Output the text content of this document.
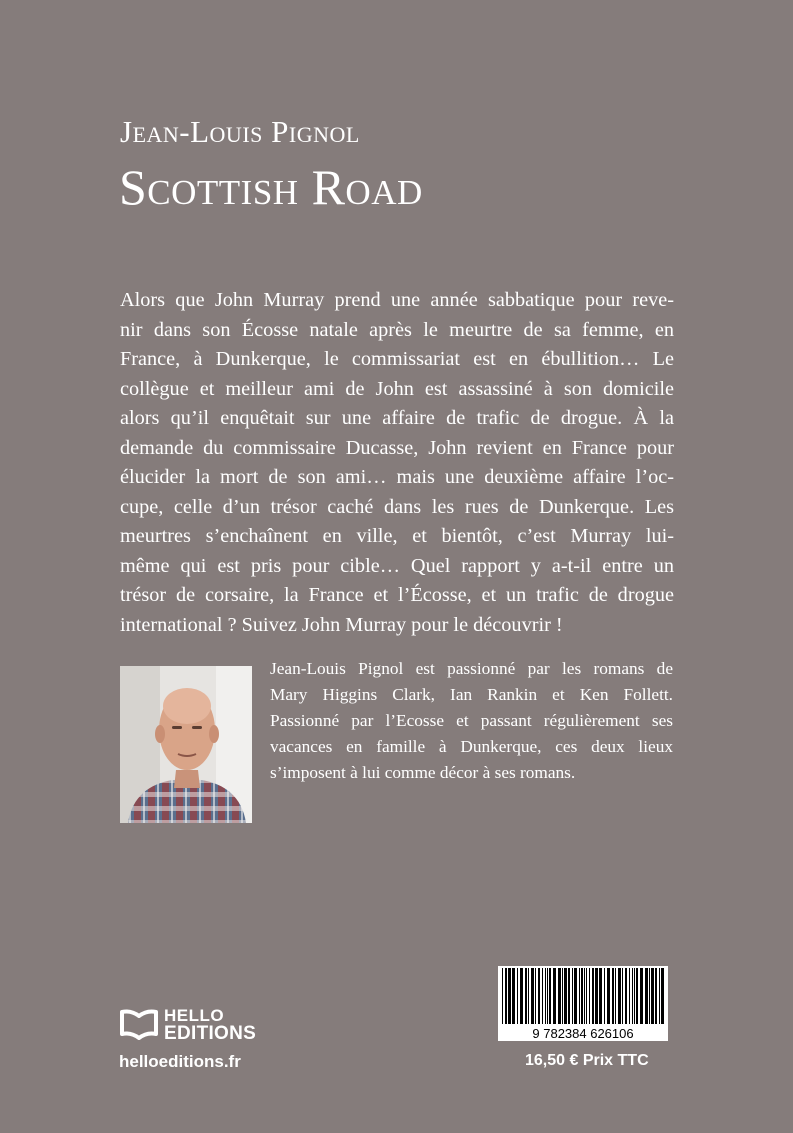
Jean-Louis Pignol
Scottish Road
Alors que John Murray prend une année sabbatique pour reve-
nir dans son Écosse natale après le meurtre de sa femme, en
France, à Dunkerque, le commissariat est en ébullition… Le
collègue et meilleur ami de John est assassiné à son domicile
alors qu’il enquêtait sur une affaire de trafic de drogue. À la
demande du commissaire Ducasse, John revient en France pour
élucider la mort de son ami… mais une deuxième affaire l’oc-
cupe, celle d’un trésor caché dans les rues de Dunkerque. Les
meurtres s’enchaînent en ville, et bientôt, c’est Murray lui-
même qui est pris pour cible… Quel rapport y a-t-il entre un
trésor de corsaire, la France et l’Écosse, et un trafic de drogue
international ? Suivez John Murray pour le découvrir !
Jean-Louis Pignol est passionné par les romans de
Mary Higgins Clark, Ian Rankin et Ken Follett.
Passionné par l’Ecosse et passant régulièrement ses
vacances en famille à Dunkerque, ces deux lieux
s’imposent à lui comme décor à ses romans.
HELLO
EDITIONS
helloeditions.fr
9 782384 626106
16,50 € Prix TTC
